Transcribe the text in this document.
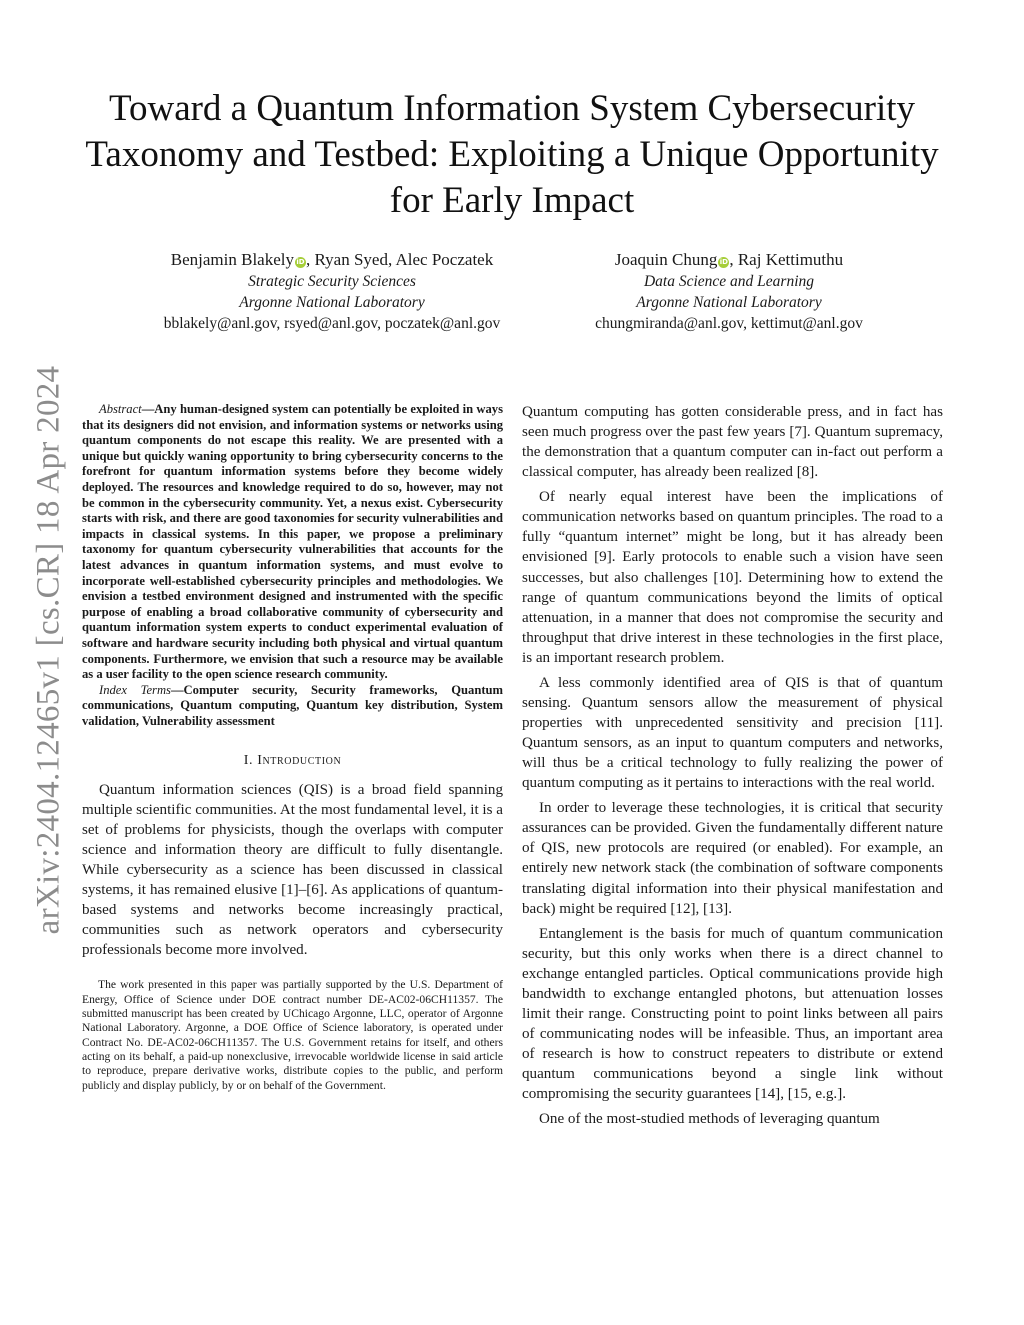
arXiv:2404.12465v1 [cs.CR] 18 Apr 2024
Toward a Quantum Information System Cybersecurity Taxonomy and Testbed: Exploiting a Unique Opportunity for Early Impact
Benjamin Blakely iD, Ryan Syed, Alec Poczatek
Strategic Security Sciences
Argonne National Laboratory
bblakely@anl.gov, rsyed@anl.gov, poczatek@anl.gov
Joaquin Chung iD, Raj Kettimuthu
Data Science and Learning
Argonne National Laboratory
chungmiranda@anl.gov, kettimut@anl.gov

Abstract—Any human-designed system can potentially be exploited in ways that its designers did not envision, and information systems or networks using quantum components do not escape this reality. We are presented with a unique but quickly waning opportunity to bring cybersecurity concerns to the forefront for quantum information systems before they become widely deployed. The resources and knowledge required to do so, however, may not be common in the cybersecurity community. Yet, a nexus exist. Cybersecurity starts with risk, and there are good taxonomies for security vulnerabilities and impacts in classical systems. In this paper, we propose a preliminary taxonomy for quantum cybersecurity vulnerabilities that accounts for the latest advances in quantum information systems, and must evolve to incorporate well-established cybersecurity principles and methodologies. We envision a testbed environment designed and instrumented with the specific purpose of enabling a broad collaborative community of cybersecurity and quantum information system experts to conduct experimental evaluation of software and hardware security including both physical and virtual quantum components. Furthermore, we envision that such a resource may be available as a user facility to the open science research community.

Index Terms—Computer security, Security frameworks, Quantum communications, Quantum computing, Quantum key distribution, System validation, Vulnerability assessment

I. Introduction

Quantum information sciences (QIS) is a broad field spanning multiple scientific communities. At the most fundamental level, it is a set of problems for physicists, though the overlaps with computer science and information theory are difficult to fully disentangle. While cybersecurity as a science has been discussed in classical systems, it has remained elusive [1]–[6]. As applications of quantum-based systems and networks become increasingly practical, communities such as network operators and cybersecurity professionals become more involved.

The work presented in this paper was partially supported by the U.S. Department of Energy, Office of Science under DOE contract number DE-AC02-06CH11357. The submitted manuscript has been created by UChicago Argonne, LLC, operator of Argonne National Laboratory. Argonne, a DOE Office of Science laboratory, is operated under Contract No. DE-AC02-06CH11357. The U.S. Government retains for itself, and others acting on its behalf, a paid-up nonexclusive, irrevocable worldwide license in said article to reproduce, prepare derivative works, distribute copies to the public, and perform publicly and display publicly, by or on behalf of the Government.

Quantum computing has gotten considerable press, and in fact has seen much progress over the past few years [7]. Quantum supremacy, the demonstration that a quantum computer can in-fact out perform a classical computer, has already been realized [8].

Of nearly equal interest have been the implications of communication networks based on quantum principles. The road to a fully “quantum internet” might be long, but it has already been envisioned [9]. Early protocols to enable such a vision have seen successes, but also challenges [10]. Determining how to extend the range of quantum communications beyond the limits of optical attenuation, in a manner that does not compromise the security and throughput that drive interest in these technologies in the first place, is an important research problem.

A less commonly identified area of QIS is that of quantum sensing. Quantum sensors allow the measurement of physical properties with unprecedented sensitivity and precision [11]. Quantum sensors, as an input to quantum computers and networks, will thus be a critical technology to fully realizing the power of quantum computing as it pertains to interactions with the real world.

In order to leverage these technologies, it is critical that security assurances can be provided. Given the fundamentally different nature of QIS, new protocols are required (or enabled). For example, an entirely new network stack (the combination of software components translating digital information into their physical manifestation and back) might be required [12], [13].

Entanglement is the basis for much of quantum communication security, but this only works when there is a direct channel to exchange entangled particles. Optical communications provide high bandwidth to exchange entangled photons, but attenuation losses limit their range. Constructing point to point links between all pairs of communicating nodes will be infeasible. Thus, an important area of research is how to construct repeaters to distribute or extend quantum communications beyond a single link without compromising the security guarantees [14], [15, e.g.].

One of the most-studied methods of leveraging quantum
